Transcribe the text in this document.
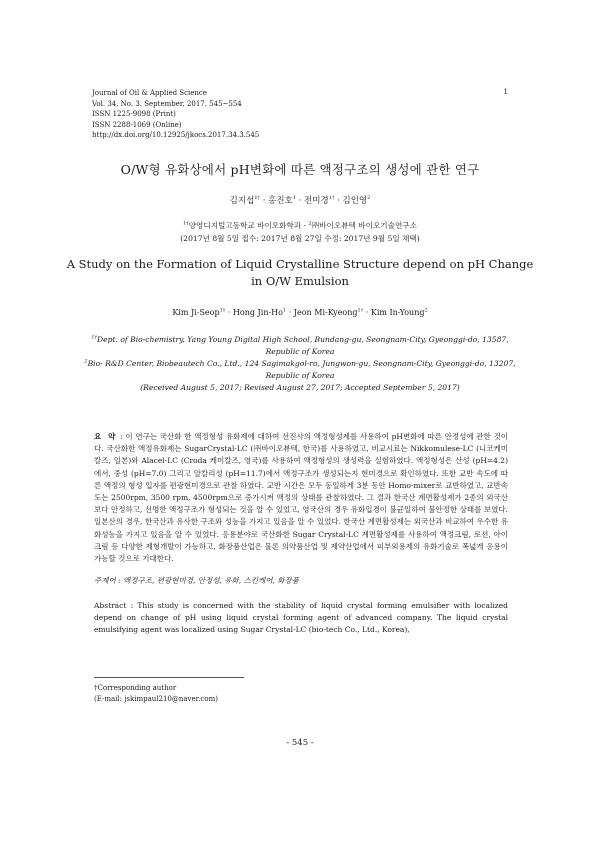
Journal of Oil & Applied Science
Vol. 34, No. 3. September, 2017. 545~554
ISSN 1225-9098 (Print)
ISSN 2288-1069 (Online)
http://dx.doi.org/10.12925/jkocs.2017.34.3.545
1
O/W형 유화상에서 pH변화에 따른 액정구조의 생성에 관한 연구
김지섭$^{1\dagger}$ · 홍진호$^1$ · 전미경$^{1\dagger}$ · 김인영$^2$
$^{1\dagger}$양영디지털고등학교 바이오화학과 · $^2$㈜바이오뷰텍 바이오기술연구소
(2017년 8월 5일 접수: 2017년 8월 27일 수정: 2017년 9월 5일 채택)
A Study on the Formation of Liquid Crystalline Structure depend on pH Change in O/W Emulsion
Kim Ji-Seop$^{1\dagger}$ · Hong Jin-$Ho^1$ · Jeon Mi-Kyeong$^{1\dagger}$ · Kim In-Young$^2$
$^{1\dagger}$Dept. of Bio-chemistry, Yang Young Digital High School, Bundang-gu, Seongnam-City, Gyeonggi-do, 13587, Republic of Korea
$^2$Bio- R&D Center, Biobeautech Co., Ltd., 124 Sagimakgol-ro, Jungwon-gu, Seongnam-City, Gyeonggi-do, 13207, Republic of Korea
(Received August 5, 2017; Revised August 27, 2017; Accepted September 5, 2017)
요 약 : 이 연구는 국산화 한 액정형성 유화제에 대하여 선진사의 액정형성제를 사용하여 pH변화에 따른 안정성에 관한 것이다. 국산화한 액정유화제는 SugarCrystal-LC (㈜바이오뷰텍, 한국)를 사용하였고, 비교시료는 Nikkomulese-LC (니코케미칼즈, 일본)와 Alacel-LC (Croda 케미칼즈, 영국)를 사용하여 액정형성의 생성력을 실험하였다. 액정형성은 산성 (pH=4.2)에서, 중성 (pH=7.0) 그리고 알칼리성 (pH=11.7)에서 액정구조가 생성되는지 현미경으로 확인하였다. 또한 교반 속도에 따른 액정의 형성 입자를 편광현미경으로 관찰 하였다. 교반 시간은 모두 동일하게 3분 동안 Homo-mixer로 교반하였고, 교반속도는 2500rpm, 3500 rpm, 4500rpm으로 증가시켜 액정의 상태를 관찰하였다. 그 결과 한국산 계면활성제가 2종의 외국산 보다 안정하고, 선명한 액정구조가 형성되는 것을 알 수 있었고, 영국산의 경우 유화입경이 불균일하여 불안정한 상태를 보였다. 일본산의 경우, 한국산과 유사한 구조와 성능을 가지고 있음을 알 수 있었다. 한국산 계면활성제는 외국산과 비교하여 우수한 유화성능을 가지고 있음을 알 수 있었다. 응용분야로 국산화한 Sugar Crystal-LC 계면활성제를 사용하여 액정크림, 로션, 아이크림 등 다양한 제형개발이 가능하고, 화장품산업은 물론 의약품산업 및 제약산업에서 피부외용제의 유화기술로 폭넓게 응용이 가능할 것으로 기대한다.
주제어 : 액정구조, 편광현미경, 안정성, 유화, 스킨케어, 화장품
Abstract : This study is concerned with the stability of liquid crystal forming emulsifier with localized depend on change of pH using liquid crystal forming agent of advanced company. The liquid crystal emulsifying agent was localized using Sugar Crystal-LC (bio-tech Co., Ltd., Korea),
†Corresponding author
(E-mail: jskimpaul210@naver.com)
- 545 -
